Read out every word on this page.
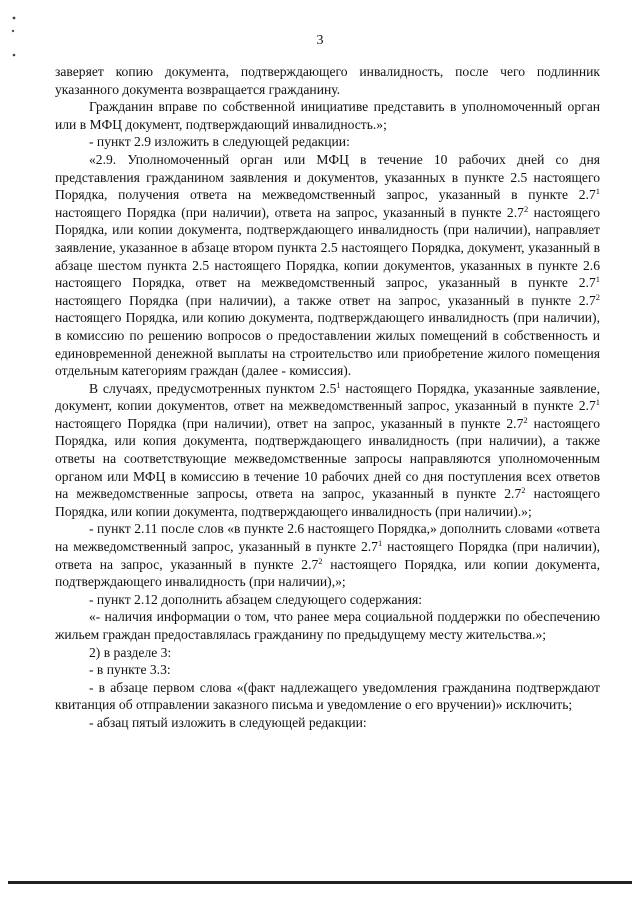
3

заверяет копию документа, подтверждающего инвалидность, после чего подлинник указанного документа возвращается гражданину.

Гражданин вправе по собственной инициативе представить в уполномоченный орган или в МФЦ документ, подтверждающий инвалидность.»;

- пункт 2.9 изложить в следующей редакции:

«2.9. Уполномоченный орган или МФЦ в течение 10 рабочих дней со дня представления гражданином заявления и документов, указанных в пункте 2.5 настоящего Порядка, получения ответа на межведомственный запрос, указанный в пункте $2.7^1$ настоящего Порядка (при наличии), ответа на запрос, указанный в пункте $2.7^2$ настоящего Порядка, или копии документа, подтверждающего инвалидность (при наличии), направляет заявление, указанное в абзаце втором пункта 2.5 настоящего Порядка, документ, указанный в абзаце шестом пункта 2.5 настоящего Порядка, копии документов, указанных в пункте 2.6 настоящего Порядка, ответ на межведомственный запрос, указанный в пункте $2.7^1$ настоящего Порядка (при наличии), а также ответ на запрос, указанный в пункте $2.7^2$ настоящего Порядка, или копию документа, подтверждающего инвалидность (при наличии), в комиссию по решению вопросов о предоставлении жилых помещений в собственность и единовременной денежной выплаты на строительство или приобретение жилого помещения отдельным категориям граждан (далее - комиссия).

В случаях, предусмотренных пунктом $2.5^1$ настоящего Порядка, указанные заявление, документ, копии документов, ответ на межведомственный запрос, указанный в пункте $2.7^1$ настоящего Порядка (при наличии), ответ на запрос, указанный в пункте $2.7^2$ настоящего Порядка, или копия документа, подтверждающего инвалидность (при наличии), а также ответы на соответствующие межведомственные запросы направляются уполномоченным органом или МФЦ в комиссию в течение 10 рабочих дней со дня поступления всех ответов на межведомственные запросы, ответа на запрос, указанный в пункте $2.7^2$ настоящего Порядка, или копии документа, подтверждающего инвалидность (при наличии).»;

- пункт 2.11 после слов «в пункте 2.6 настоящего Порядка,» дополнить словами «ответа на межведомственный запрос, указанный в пункте $2.7^1$ настоящего Порядка (при наличии), ответа на запрос, указанный в пункте $2.7^2$ настоящего Порядка, или копии документа, подтверждающего инвалидность (при наличии),»;

- пункт 2.12 дополнить абзацем следующего содержания:

«- наличия информации о том, что ранее мера социальной поддержки по обеспечению жильем граждан предоставлялась гражданину по предыдущему месту жительства.»;

2) в разделе 3:

- в пункте 3.3:

- в абзаце первом слова «(факт надлежащего уведомления гражданина подтверждают квитанция об отправлении заказного письма и уведомление о его вручении)» исключить;

- абзац пятый изложить в следующей редакции:
